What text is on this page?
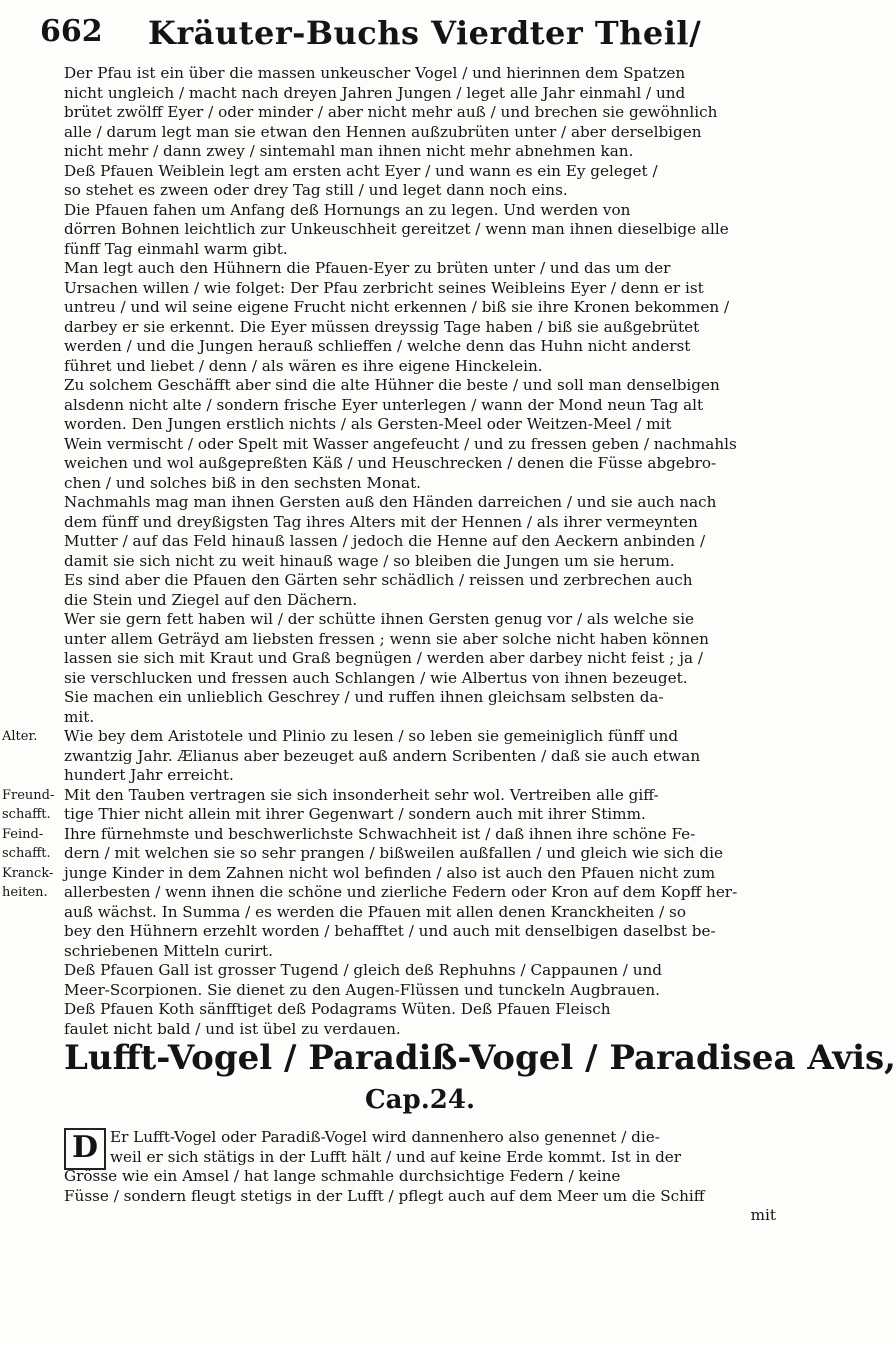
662 Kräuter-Buchs Vierdter Theil/
Alter.
Freund-
schafft.
Feind-
schafft.
Kranck-
heiten.
Der Pfau ist ein über die massen unkeuscher Vogel / und hierinnen dem Spatzen
nicht ungleich / macht nach dreyen Jahren Jungen / leget alle Jahr einmahl / und
brütet zwölff Eyer / oder minder / aber nicht mehr auß / und brechen sie gewöhnlich
alle / darum legt man sie etwan den Hennen außzubrüten unter / aber derselbigen
nicht mehr / dann zwey / sintemahl man ihnen nicht mehr abnehmen kan.
Deß Pfauen Weiblein legt am ersten acht Eyer / und wann es ein Ey geleget /
so stehet es zween oder drey Tag still / und leget dann noch eins.
Die Pfauen fahen um Anfang deß Hornungs an zu legen. Und werden von
dörren Bohnen leichtlich zur Unkeuschheit gereitzet / wenn man ihnen dieselbige alle
fünff Tag einmahl warm gibt.
Man legt auch den Hühnern die Pfauen-Eyer zu brüten unter / und das um der
Ursachen willen / wie folget: Der Pfau zerbricht seines Weibleins Eyer / denn er ist
untreu / und wil seine eigene Frucht nicht erkennen / biß sie ihre Kronen bekommen /
darbey er sie erkennt. Die Eyer müssen dreyssig Tage haben / biß sie außgebrütet
werden / und die Jungen herauß schlieffen / welche denn das Huhn nicht anderst
führet und liebet / denn / als wären es ihre eigene Hinckelein.
Zu solchem Geschäfft aber sind die alte Hühner die beste / und soll man denselbigen
alsdenn nicht alte / sondern frische Eyer unterlegen / wann der Mond neun Tag alt
worden. Den Jungen erstlich nichts / als Gersten-Meel oder Weitzen-Meel / mit
Wein vermischt / oder Spelt mit Wasser angefeucht / und zu fressen geben / nachmahls
weichen und wol außgepreßten Käß / und Heuschrecken / denen die Füsse abgebro-
chen / und solches biß in den sechsten Monat.
Nachmahls mag man ihnen Gersten auß den Händen darreichen / und sie auch nach
dem fünff und dreyßigsten Tag ihres Alters mit der Hennen / als ihrer vermeynten
Mutter / auf das Feld hinauß lassen / jedoch die Henne auf den Aeckern anbinden /
damit sie sich nicht zu weit hinauß wage / so bleiben die Jungen um sie herum.
Es sind aber die Pfauen den Gärten sehr schädlich / reissen und zerbrechen auch
die Stein und Ziegel auf den Dächern.
Wer sie gern fett haben wil / der schütte ihnen Gersten genug vor / als welche sie
unter allem Geträyd am liebsten fressen ; wenn sie aber solche nicht haben können
lassen sie sich mit Kraut und Graß begnügen / werden aber darbey nicht feist ; ja /
sie verschlucken und fressen auch Schlangen / wie Albertus von ihnen bezeuget.
Sie machen ein unlieblich Geschrey / und ruffen ihnen gleichsam selbsten da-
mit.
Wie bey dem Aristotele und Plinio zu lesen / so leben sie gemeiniglich fünff und
zwantzig Jahr. Ælianus aber bezeuget auß andern Scribenten / daß sie auch etwan
hundert Jahr erreicht.
Mit den Tauben vertragen sie sich insonderheit sehr wol. Vertreiben alle giff-
tige Thier nicht allein mit ihrer Gegenwart / sondern auch mit ihrer Stimm.
Ihre fürnehmste und beschwerlichste Schwachheit ist / daß ihnen ihre schöne Fe-
dern / mit welchen sie so sehr prangen / bißweilen außfallen / und gleich wie sich die
junge Kinder in dem Zahnen nicht wol befinden / also ist auch den Pfauen nicht zum
allerbesten / wenn ihnen die schöne und zierliche Federn oder Kron auf dem Kopff her-
auß wächst. In Summa / es werden die Pfauen mit allen denen Kranckheiten / so
bey den Hühnern erzehlt worden / behafftet / und auch mit denselbigen daselbst be-
schriebenen Mitteln curirt.
Deß Pfauen Gall ist grosser Tugend / gleich deß Rephuhns / Cappaunen / und
Meer-Scorpionen. Sie dienet zu den Augen-Flüssen und tunckeln Augbrauen.
Deß Pfauen Koth sänfftiget deß Podagrams Wüten. Deß Pfauen Fleisch
faulet nicht bald / und ist übel zu verdauen.
Lufft-Vogel / Paradiß-Vogel / Paradisea Avis,
Cap.24.
D Er Lufft-Vogel oder Paradiß-Vogel wird dannenhero also genennet / die-
weil er sich stätigs in der Lufft hält / und auf keine Erde kommt. Ist in der
Grösse wie ein Amsel / hat lange schmahle durchsichtige Federn / keine
Füsse / sondern fleugt stetigs in der Lufft / pflegt auch auf dem Meer um die Schiff
mit
